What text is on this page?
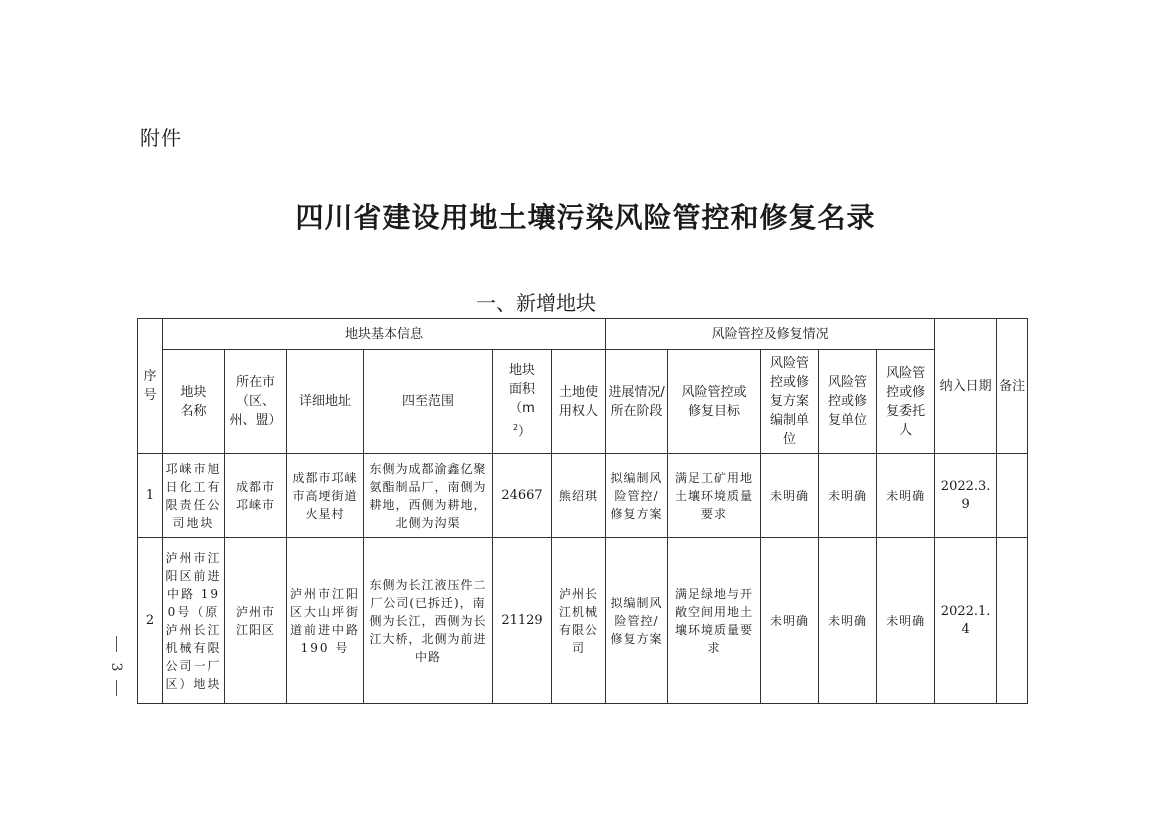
附件
四川省建设用地土壤污染风险管控和修复名录
一、新增地块
3
序号	地块基本信息						风险管控及修复情况					纳入日期	备注
	地块名称	所在市（区、州、盟）	详细地址	四至范围	地块面积$(m^2)$	土地使用权人	进展情况/所在阶段	风险管控或修复目标	风险管控或修复方案编制单位	风险管控或修复单位	风险管控或修复委托人		
1	邛崃市旭日化工有限责任公司地块	成都市邛崃市	成都市邛崃市高埂街道火星村	东侧为成都渝鑫亿聚氨酯制品厂，南侧为耕地，西侧为耕地，北侧为沟渠	24667	熊绍琪	拟编制风险管控/修复方案	满足工矿用地土壤环境质量要求	未明确	未明确	未明确	2022.3.9	
2	泸州市江阳区前进中路 190号（原泸州长江机械有限公司一厂区）地块	泸州市江阳区	泸州市江阳区大山坪街道前进中路 190 号	东侧为长江液压件二厂公司(已拆迁)，南侧为长江，西侧为长江大桥，北侧为前进中路	21129	泸州长江机械有限公司	拟编制风险管控/修复方案	满足绿地与开敞空间用地土壤环境质量要求	未明确	未明确	未明确	2022.1.4	
